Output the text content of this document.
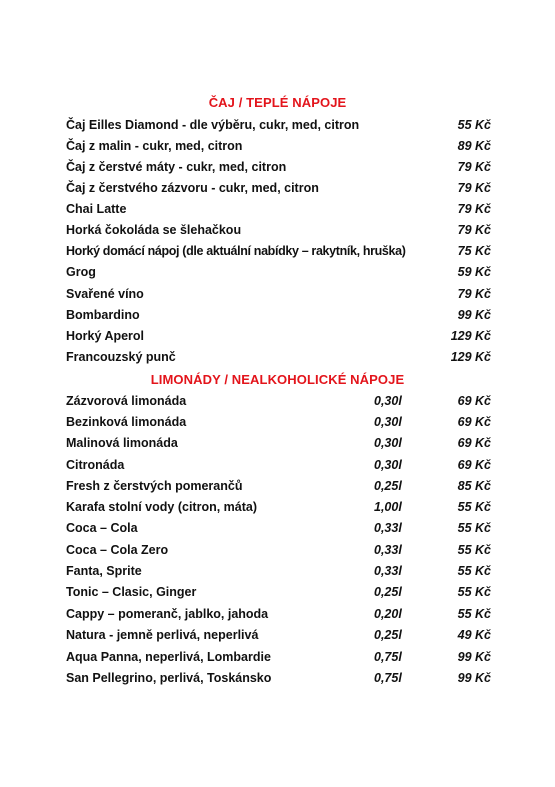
ČAJ / TEPLÉ NÁPOJE
Čaj Eilles Diamond - dle výběru, cukr, med, citron	55 Kč
Čaj z malin - cukr, med, citron	89 Kč
Čaj z čerstvé máty - cukr, med, citron	79 Kč
Čaj z čerstvého zázvoru - cukr, med, citron	79 Kč
Chai Latte	79 Kč
Horká čokoláda se šlehačkou	79 Kč
Horký domácí nápoj (dle aktuální nabídky – rakytník, hruška)	75 Kč
Grog	59 Kč
Svařené víno	79 Kč
Bombardino	99 Kč
Horký Aperol	129 Kč
Francouzský punč	129 Kč
LIMONÁDY / NEALKOHOLICKÉ NÁPOJE
Zázvorová limonáda	0,30l	69 Kč
Bezinková limonáda	0,30l	69 Kč
Malinová limonáda	0,30l	69 Kč
Citronáda	0,30l	69 Kč
Fresh z čerstvých pomerančů	0,25l	85 Kč
Karafa stolní vody (citron, máta)	1,00l	55 Kč
Coca – Cola	0,33l	55 Kč
Coca – Cola Zero	0,33l	55 Kč
Fanta, Sprite	0,33l	55 Kč
Tonic – Clasic, Ginger	0,25l	55 Kč
Cappy – pomeranč, jablko, jahoda	0,20l	55 Kč
Natura - jemně perlivá, neperlivá	0,25l	49 Kč
Aqua Panna, neperlivá, Lombardie	0,75l	99 Kč
San Pellegrino, perlivá, Toskánsko	0,75l	99 Kč
